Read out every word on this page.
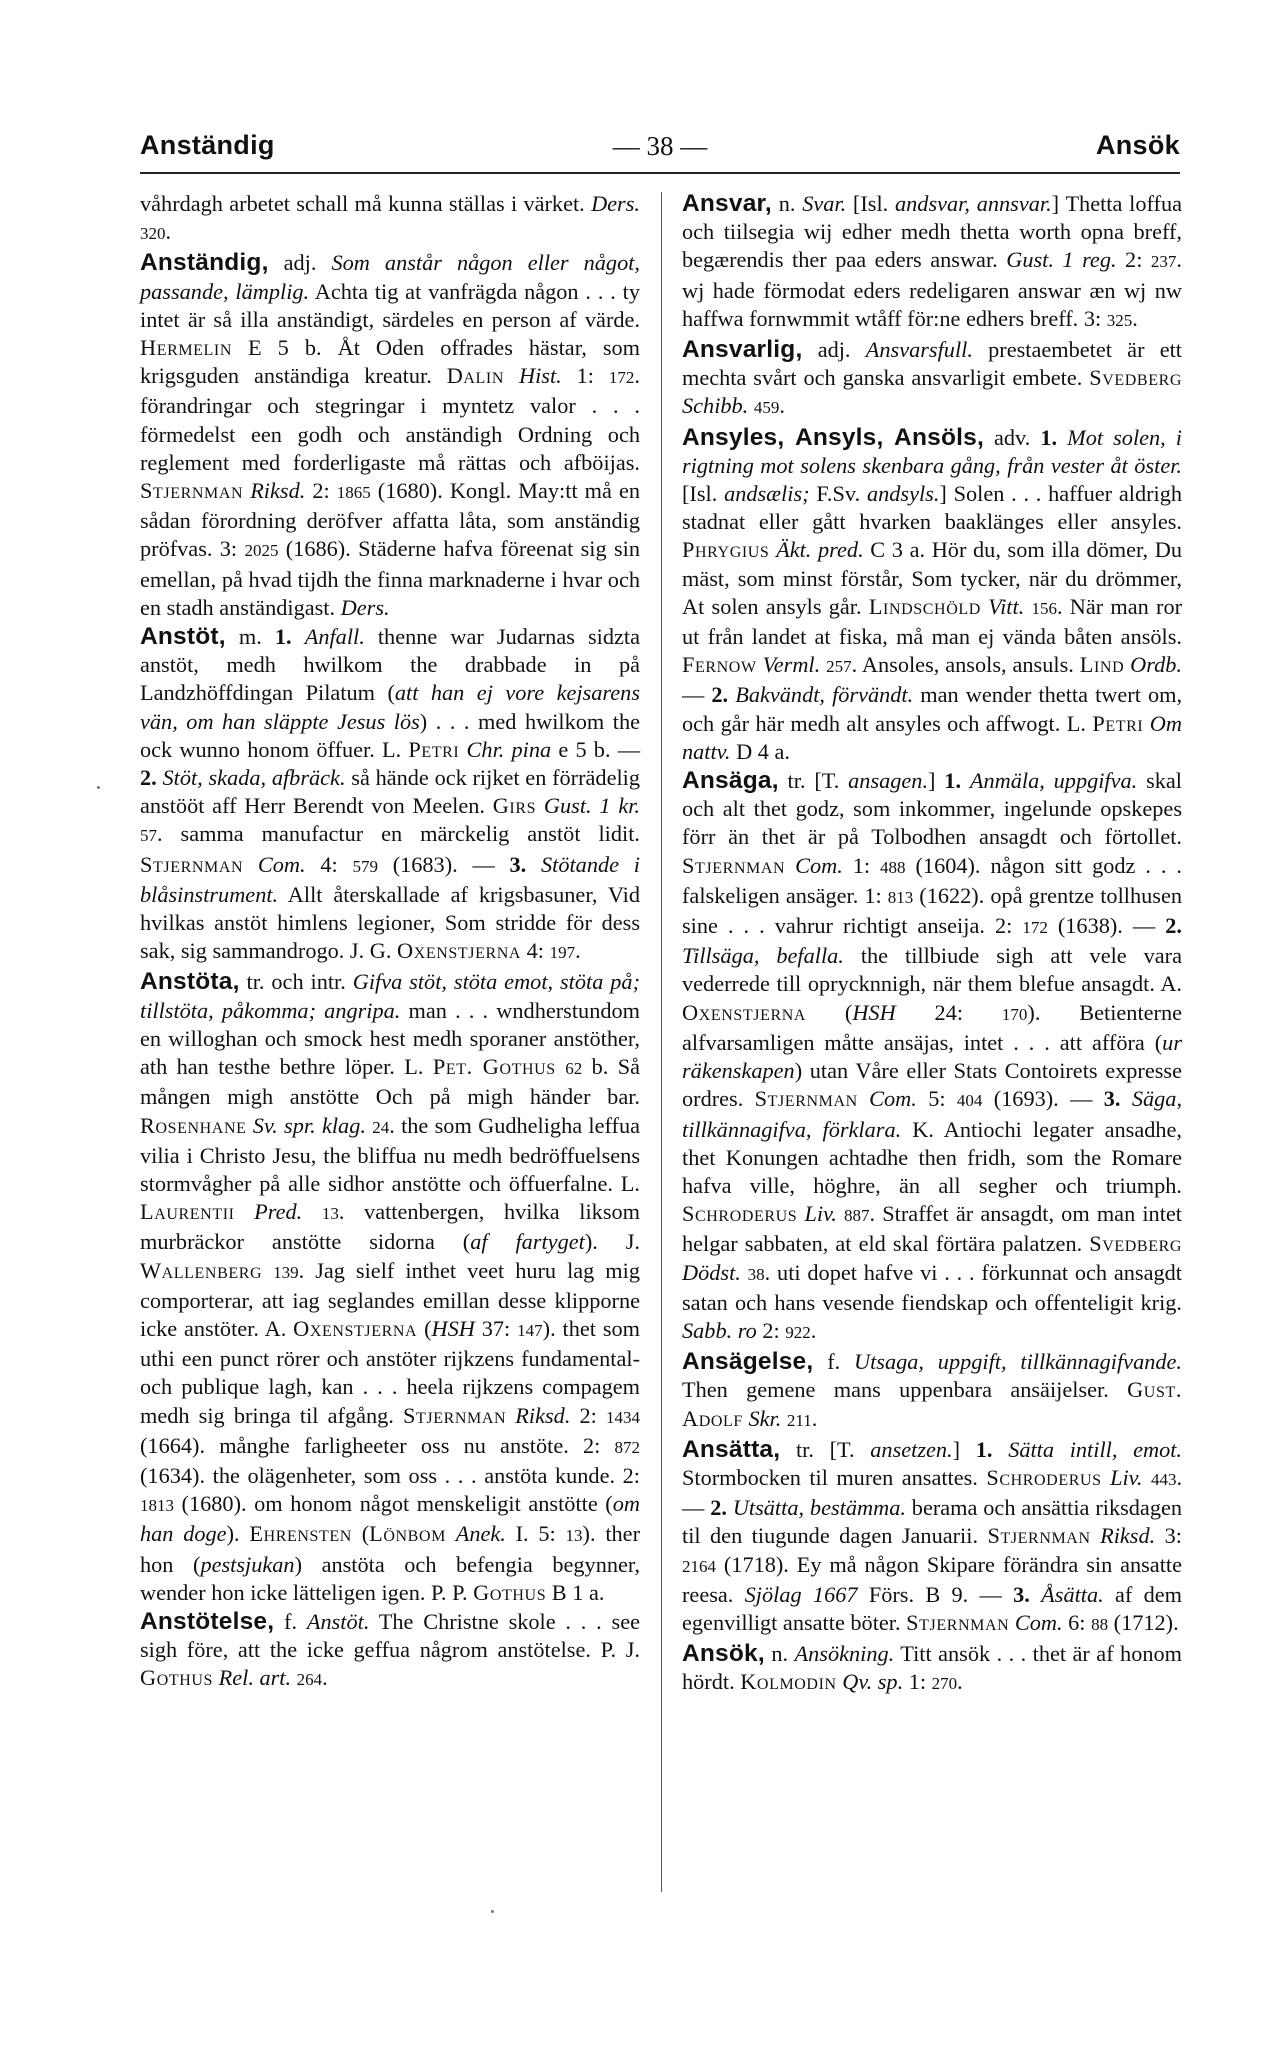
Anständig	— 38 —	Ansök

våhrdagh arbetet schall må kunna ställas i värket. Ders. 320.

Anständig, adj. Som anstår någon eller något, passande, lämplig. Achta tig at vanfrägda någon . . . ty intet är så illa anständigt, särdeles en person af värde. Hermelin E 5 b. Åt Oden offrades hästar, som krigsguden anständiga kreatur. Dalin Hist. 1: 172. förandringar och stegringar i myntetz valor . . . förmedelst een godh och anständigh Ordning och reglement med forderligaste må rättas och afböijas. Stjernman Riksd. 2: 1865 (1680). Kongl. May:tt må en sådan förordning deröfver affatta låta, som anständig pröfvas. 3: 2025 (1686). Städerne hafva föreenat sig sin emellan, på hvad tijdh the finna marknaderne i hvar och en stadh anständigast. Ders.

Anstöt, m. 1. Anfall. thenne war Judarnas sidzta anstöt, medh hwilkom the drabbade in på Landzhöffdingan Pilatum (att han ej vore kejsarens vän, om han släppte Jesus lös) . . . med hwilkom the ock wunno honom öffuer. L. Petri Chr. pina e 5 b. — 2. Stöt, skada, afbräck. så hände ock rijket en förrädelig anstööt aff Herr Berendt von Meelen. Girs Gust. 1 kr. 57. samma manufactur en märckelig anstöt lidit. Stjernman Com. 4: 579 (1683). — 3. Stötande i blåsinstrument. Allt återskallade af krigsbasuner, Vid hvilkas anstöt himlens legioner, Som stridde för dess sak, sig sammandrogo. J. G. Oxenstjerna 4: 197.

Anstöta, tr. och intr. Gifva stöt, stöta emot, stöta på; tillstöta, påkomma; angripa. man . . . wndherstundom en willoghan och smock hest medh sporaner anstöther, ath han testhe bethre löper. L. Pet. Gothus 62 b. Så mången migh anstötte Och på migh händer bar. Rosenhane Sv. spr. klag. 24. the som Gudheligha leffua vilia i Christo Jesu, the bliffua nu medh bedröffuelsens stormvågher på alle sidhor anstötte och öffuerfalne. L. Laurentii Pred. 13. vattenbergen, hvilka liksom murbräckor anstötte sidorna (af fartyget). J. Wallenberg 139. Jag sielf inthet veet huru lag mig comporterar, att iag seglandes emillan desse klipporne icke anstöter. A. Oxenstjerna (HSH 37: 147). thet som uthi een punct rörer och anstöter rijkzens fundamental- och publique lagh, kan . . . heela rijkzens compagem medh sig bringa til afgång. Stjernman Riksd. 2: 1434 (1664). månghe farligheeter oss nu anstöte. 2: 872 (1634). the olägenheter, som oss . . . anstöta kunde. 2: 1813 (1680). om honom något menskeligit anstötte (om han doge). Ehrensten (Lönbom Anek. I. 5: 13). ther hon (pestsjukan) anstöta och befengia begynner, wender hon icke lätteligen igen. P. P. Gothus B 1 a.

Anstötelse, f. Anstöt. The Christne skole . . . see sigh före, att the icke geffua någrom anstötelse. P. J. Gothus Rel. art. 264.

Ansvar, n. Svar. [Isl. andsvar, annsvar.] Thetta loffua och tiilsegia wij edher medh thetta worth opna breff, begærendis ther paa eders answar. Gust. 1 reg. 2: 237. wj hade förmodat eders redeligaren answar æn wj nw haffwa fornwmmit wtåff för:ne edhers breff. 3: 325.

Ansvarlig, adj. Ansvarsfull. prestaembetet är ett mechta svårt och ganska ansvarligit embete. Svedberg Schibb. 459.

Ansyles, Ansyls, Ansöls, adv. 1. Mot solen, i rigtning mot solens skenbara gång, från vester åt öster. [Isl. andsælis; F.Sv. andsyls.] Solen . . . haffuer aldrigh stadnat eller gått hvarken baaklänges eller ansyles. Phrygius Äkt. pred. C 3 a. Hör du, som illa dömer, Du mäst, som minst förstår, Som tycker, när du drömmer, At solen ansyls går. Lindschöld Vitt. 156. När man ror ut från landet at fiska, må man ej vända båten ansöls. Fernow Verml. 257. Ansoles, ansols, ansuls. Lind Ordb. — 2. Bakvändt, förvändt. man wender thetta twert om, och går här medh alt ansyles och affwogt. L. Petri Om nattv. D 4 a.

Ansäga, tr. [T. ansagen.] 1. Anmäla, uppgifva. skal och alt thet godz, som inkommer, ingelunde opskepes förr än thet är på Tolbodhen ansagdt och förtollet. Stjernman Com. 1: 488 (1604). någon sitt godz . . . falskeligen ansäger. 1: 813 (1622). opå grentze tollhusen sine . . . vahrur richtigt anseija. 2: 172 (1638). — 2. Tillsäga, befalla. the tillbiude sigh att vele vara vederrede till oprycknnigh, när them blefue ansagdt. A. Oxenstjerna (HSH 24: 170). Betienterne alfvarsamligen måtte ansäjas, intet . . . att afföra (ur räkenskapen) utan Våre eller Stats Contoirets expresse ordres. Stjernman Com. 5: 404 (1693). — 3. Säga, tillkännagifva, förklara. K. Antiochi legater ansadhe, thet Konungen achtadhe then fridh, som the Romare hafva ville, höghre, än all segher och triumph. Schroderus Liv. 887. Straffet är ansagdt, om man intet helgar sabbaten, at eld skal förtära palatzen. Svedberg Dödst. 38. uti dopet hafve vi . . . förkunnat och ansagdt satan och hans vesende fiendskap och offenteligit krig. Sabb. ro 2: 922.

Ansägelse, f. Utsaga, uppgift, tillkännagifvande. Then gemene mans uppenbara ansäijelser. Gust. Adolf Skr. 211.

Ansätta, tr. [T. ansetzen.] 1. Sätta intill, emot. Stormbocken til muren ansattes. Schroderus Liv. 443. — 2. Utsätta, bestämma. berama och ansättia riksdagen til den tiugunde dagen Januarii. Stjernman Riksd. 3: 2164 (1718). Ey må någon Skipare förändra sin ansatte reesa. Sjölag 1667 Förs. B 9. — 3. Åsätta. af dem egenvilligt ansatte böter. Stjernman Com. 6: 88 (1712).

Ansök, n. Ansökning. Titt ansök . . . thet är af honom hördt. Kolmodin Qv. sp. 1: 270.
